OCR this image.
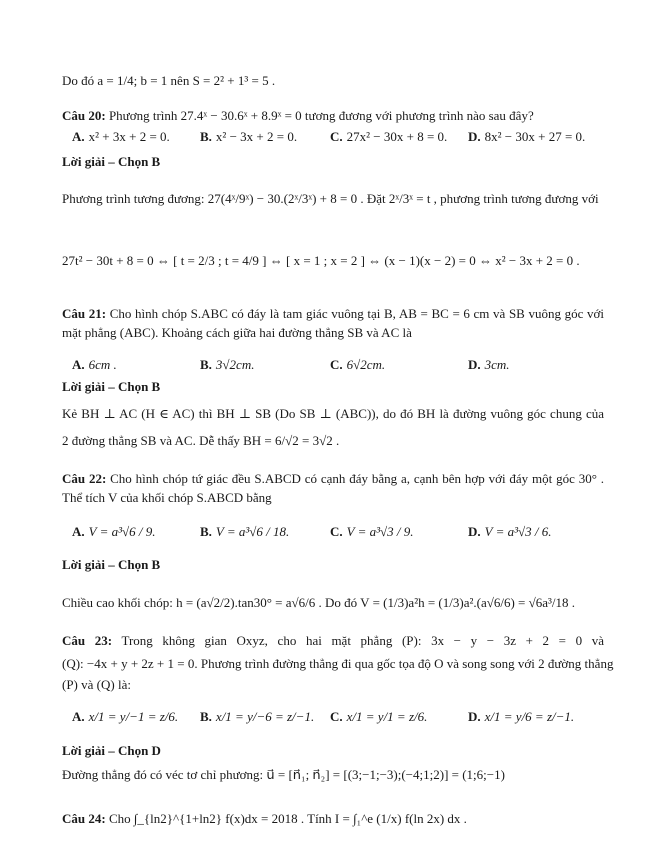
Do đó a = 1/4; b = 1 nên S = 2² + 1³ = 5 .
Câu 20: Phương trình 27.4ˣ − 30.6ˣ + 8.9ˣ = 0 tương đương với phương trình nào sau đây?
A. x² + 3x + 2 = 0. B. x² − 3x + 2 = 0.	C. 27x² − 30x + 8 = 0. D. 8x² − 30x + 27 = 0.
Lời giải – Chọn B
Phương trình tương đương: 27(4ˣ/9ˣ) − 30.(2ˣ/3ˣ) + 8 = 0 . Đặt 2ˣ/3ˣ = t , phương trình tương đương với
27t² − 30t + 8 = 0 ⇔ [ t = 2/3 ; t = 4/9 ] ⇔ [ x = 1 ; x = 2 ] ⇔ (x − 1)(x − 2) = 0 ⇔ x² − 3x + 2 = 0 .
Câu 21: Cho hình chóp S.ABC có đáy là tam giác vuông tại B, AB = BC = 6 cm và SB vuông góc với
mặt phẳng (ABC). Khoảng cách giữa hai đường thẳng SB và AC là
A. 6cm .	B. 3√2cm.	C. 6√2cm.	D. 3cm.
Lời giải – Chọn B
Kẻ BH ⊥ AC (H ∈ AC) thì BH ⊥ SB (Do SB ⊥ (ABC)), do đó BH là đường vuông góc chung của
2 đường thẳng SB và AC. Dễ thấy BH = 6/√2 = 3√2 .
Câu 22: Cho hình chóp tứ giác đều S.ABCD có cạnh đáy bằng a, cạnh bên hợp với đáy một góc 30° .
Thể tích V của khối chóp S.ABCD bằng
A. V = a³√6 / 9.	B. V = a³√6 / 18.	C. V = a³√3 / 9.	D. V = a³√3 / 6.
Lời giải – Chọn B
Chiều cao khối chóp: h = (a√2/2).tan30° = a√6/6 . Do đó V = (1/3)a²h = (1/3)a².(a√6/6) = √6a³/18 .
Câu 23: Trong không gian Oxyz, cho hai mặt phẳng (P): 3x − y − 3z + 2 = 0 và
(Q): −4x + y + 2z + 1 = 0. Phương trình đường thẳng đi qua gốc tọa độ O và song song với 2 đường thẳng
(P) và (Q) là:
A. x/1 = y/−1 = z/6. B. x/1 = y/−6 = z/−1. C. x/1 = y/1 = z/6.	D. x/1 = y/6 = z/−1.
Lời giải – Chọn D
Đường thẳng đó có véc tơ chỉ phương: u⃗ = [n⃗₁; n⃗₂] = [(3;−1;−3);(−4;1;2)] = (1;6;−1)
Câu 24: Cho ∫_{ln2}^{1+ln2} f(x)dx = 2018 . Tính I = ∫₁^e (1/x) f(ln 2x) dx .
